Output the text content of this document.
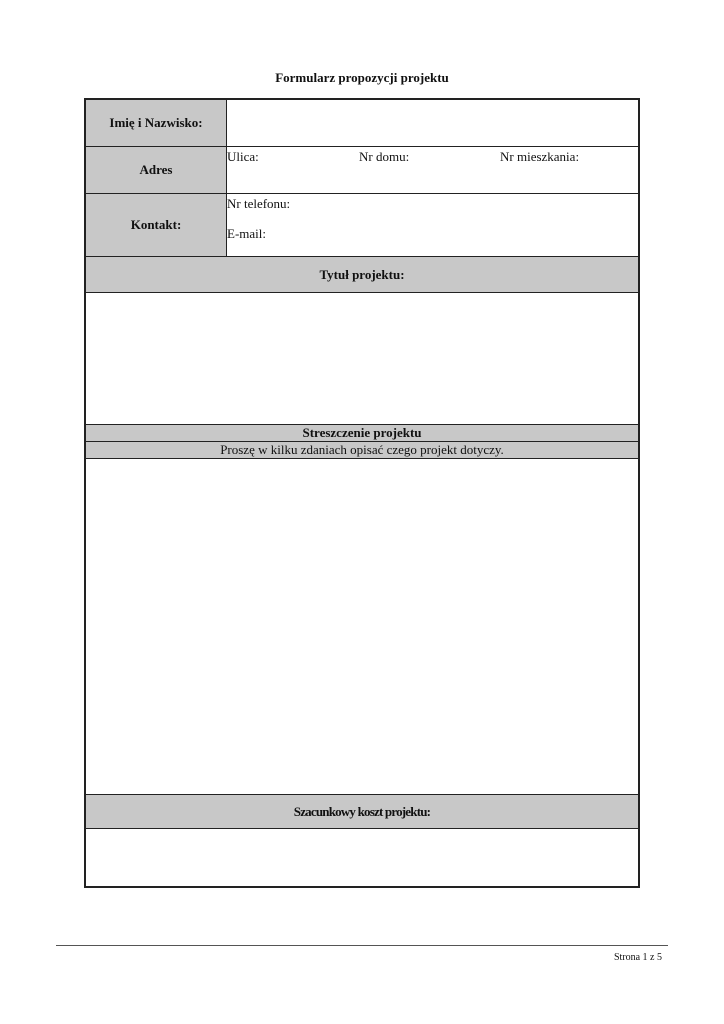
Formularz propozycji projektu
Imię i Nazwisko:
Adres
Ulica:	Nr domu:	Nr mieszkania:
Kontakt:
Nr telefonu:
E-mail:
Tytuł projektu:
Streszczenie projektu
Proszę w kilku zdaniach opisać czego projekt dotyczy.
Szacunkowy koszt projektu:
Strona 1 z 5
